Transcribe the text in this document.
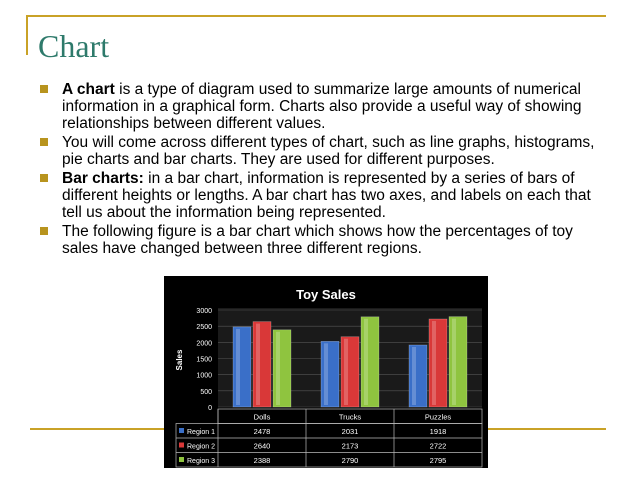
Chart
A chart is a type of diagram used to summarize large amounts of numerical information in a graphical form. Charts also provide a useful way of showing relationships between different values.
You will come across different types of chart, such as line graphs, histograms, pie charts and bar charts. They are used for different purposes.
Bar charts: in a bar chart, information is represented by a series of bars of different heights or lengths. A bar chart has two axes, and labels on each that tell us about the information being represented.
The following figure is a bar chart which shows how the percentages of toy sales have changed between three different regions.
Toy Sales
Sales
0
500
1000
1500
2000
2500
3000
Dolls	Trucks	Puzzles
Region 1	2478	2031	1918
Region 2	2640	2173	2722
Region 3	2388	2790	2795
